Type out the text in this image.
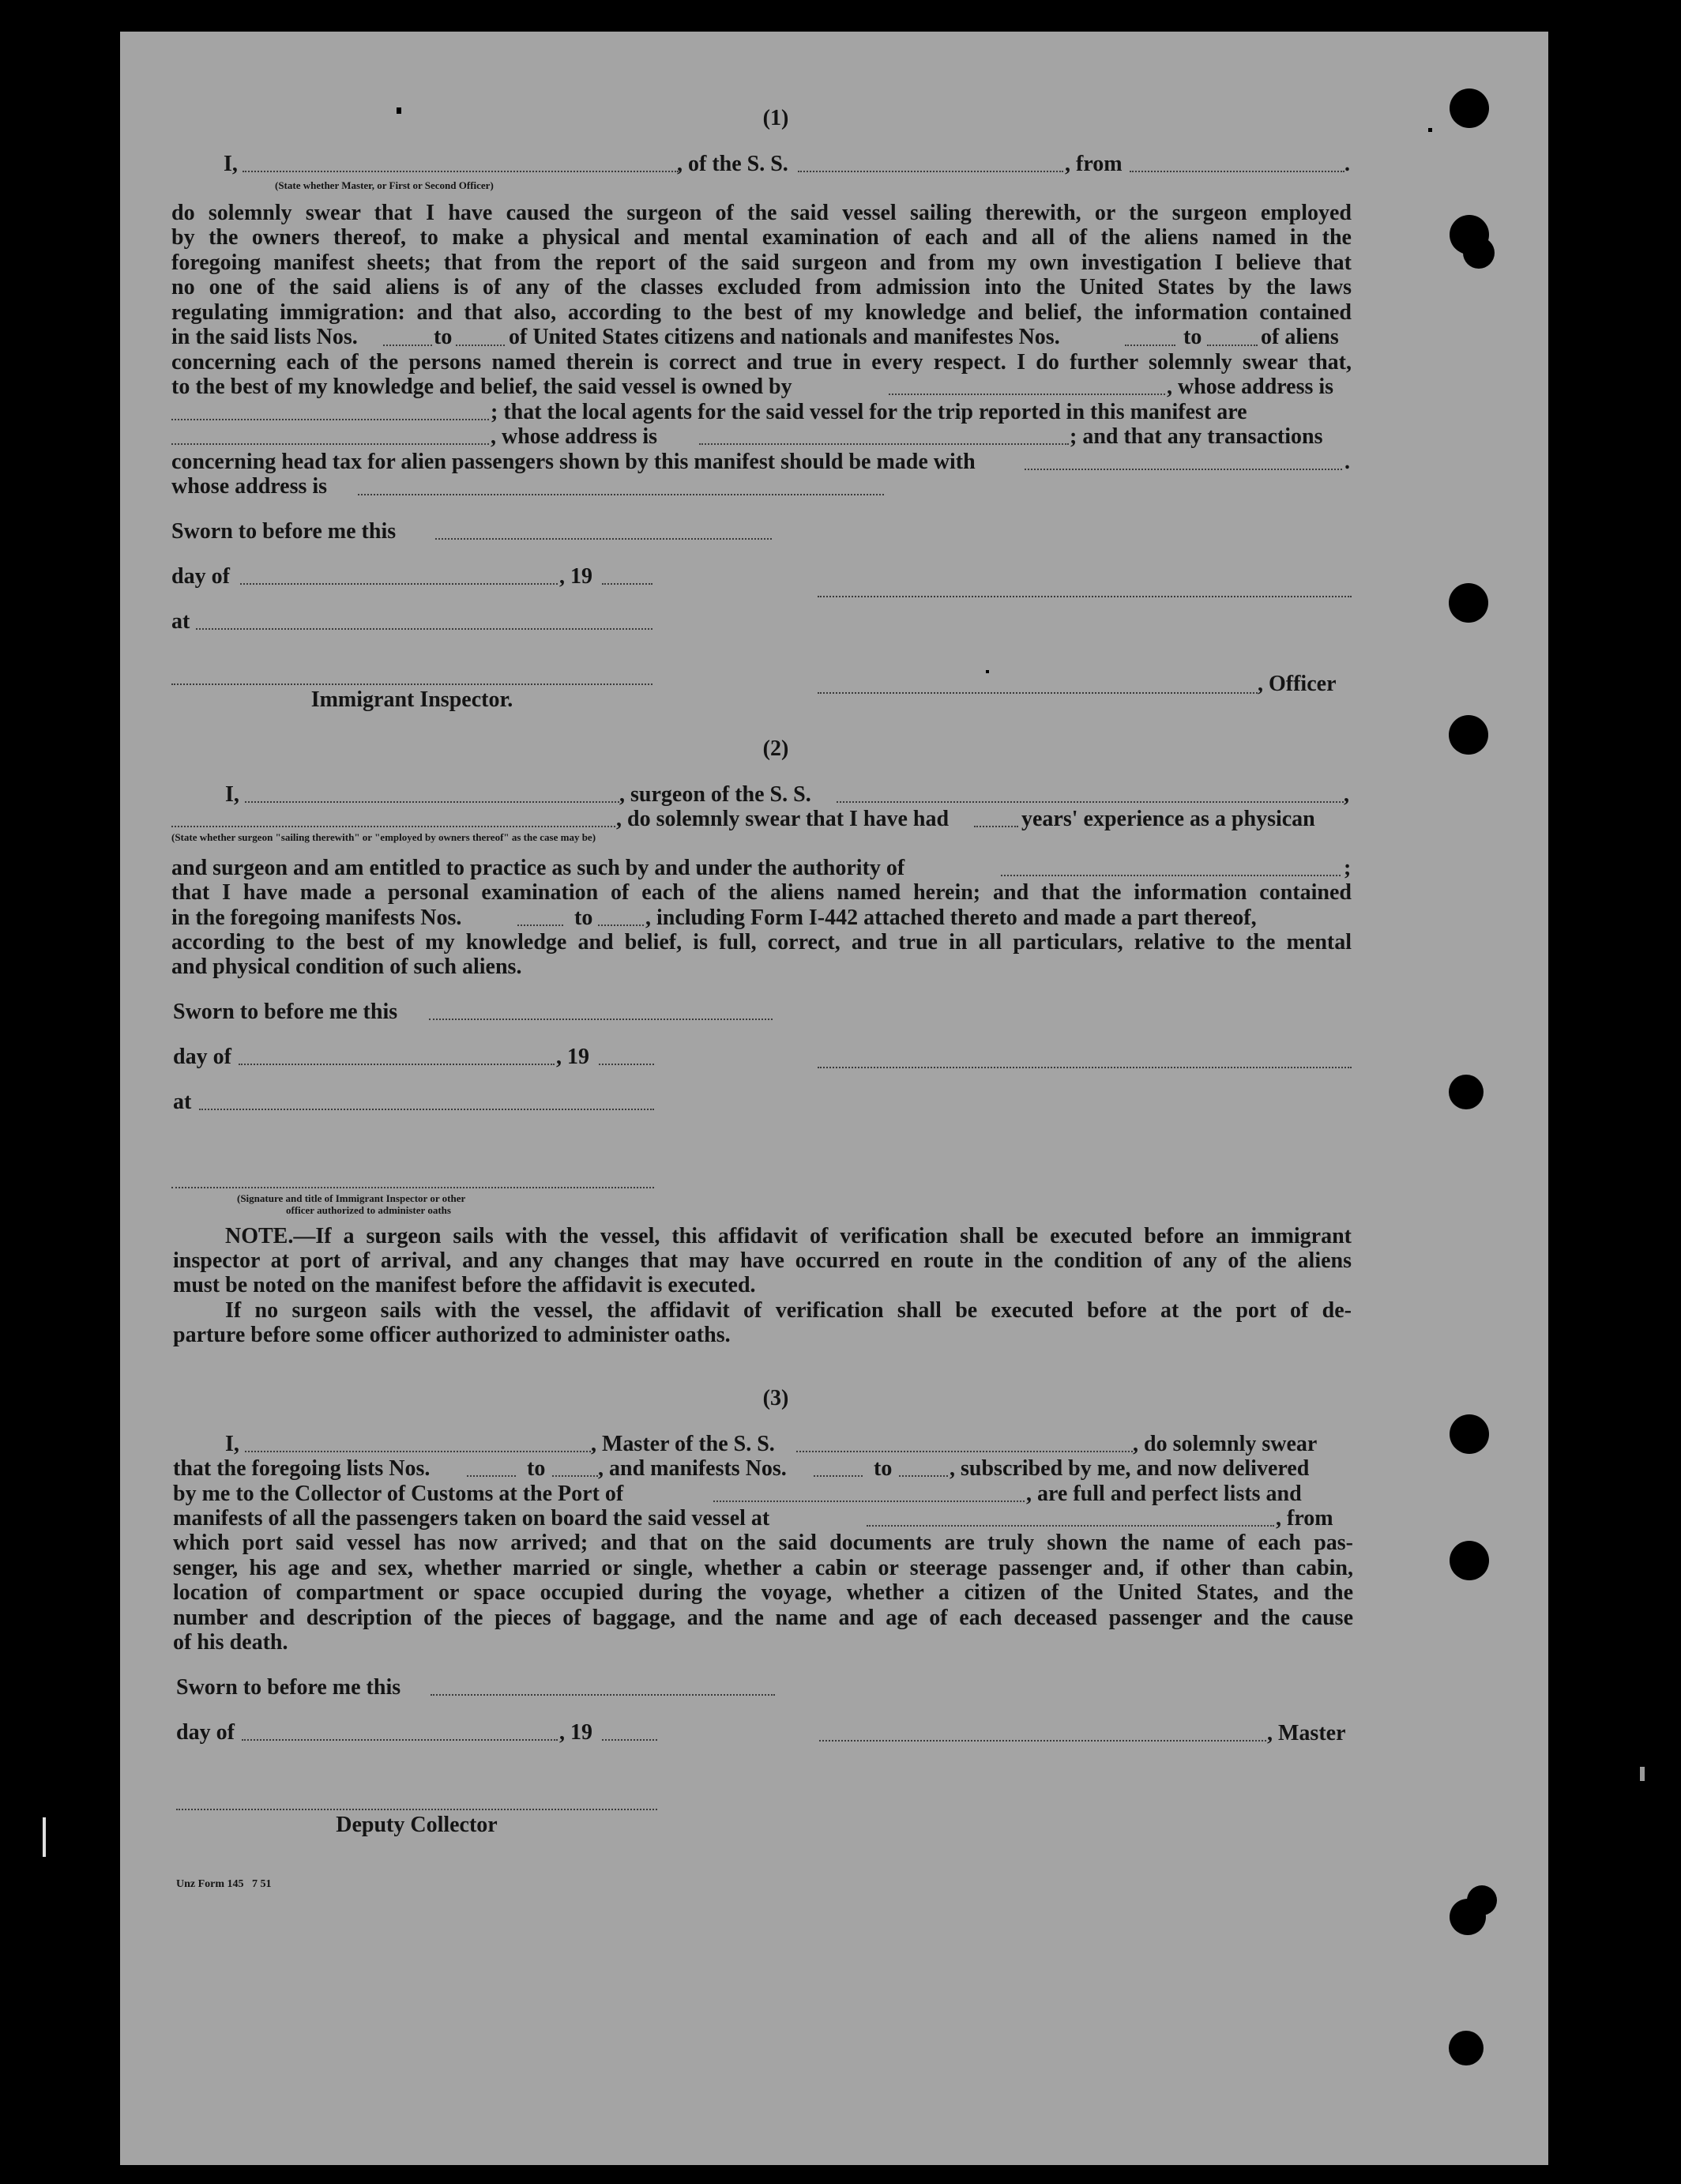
(1)
I,	, of the S. S.	, from	.
(State whether Master, or First or Second Officer)
do solemnly swear that I have caused the surgeon of the said vessel sailing therewith, or the surgeon employed
by the owners thereof, to make a physical and mental examination of each and all of the aliens named in the
foregoing manifest sheets; that from the report of the said surgeon and from my own investigation I believe that
no one of the said aliens is of any of the classes excluded from admission into the United States by the laws
regulating immigration: and that also, according to the best of my knowledge and belief, the information contained
in the said lists Nos.	to	of United States citizens and nationals and manifestes Nos.	to	of aliens
concerning each of the persons named therein is correct and true in every respect. I do further solemnly swear that,
to the best of my knowledge and belief, the said vessel is owned by	, whose address is
; that the local agents for the said vessel for the trip reported in this manifest are
, whose address is	; and that any transactions
concerning head tax for alien passengers shown by this manifest should be made with	.
whose address is
Sworn to before me this
day of	, 19
at
Immigrant Inspector.
, Officer
(2)
I,	, surgeon of the S. S.	,
, do solemnly swear that I have had	years' experience as a physican
(State whether surgeon "sailing therewith" or "employed by owners thereof" as the case may be)
and surgeon and am entitled to practice as such by and under the authority of	;
that I have made a personal examination of each of the aliens named herein; and that the information contained
in the foregoing manifests Nos.	to , including Form I-442 attached thereto and made a part thereof,
according to the best of my knowledge and belief, is full, correct, and true in all particulars, relative to the mental
and physical condition of such aliens.
Sworn to before me this
day of	, 19
at
(Signature and title of Immigrant Inspector or other
officer authorized to administer oaths
NOTE.—If a surgeon sails with the vessel, this affidavit of verification shall be executed before an immigrant
inspector at port of arrival, and any changes that may have occurred en route in the condition of any of the aliens
must be noted on the manifest before the affidavit is executed.
If no surgeon sails with the vessel, the affidavit of verification shall be executed before at the port of de-
parture before some officer authorized to administer oaths.
(3)
I,	, Master of the S. S.	, do solemnly swear
that the foregoing lists Nos.	to , and manifests Nos.	to	, subscribed by me, and now delivered
by me to the Collector of Customs at the Port of	, are full and perfect lists and
manifests of all the passengers taken on board the said vessel at	, from
which port said vessel has now arrived; and that on the said documents are truly shown the name of each pas-
senger, his age and sex, whether married or single, whether a cabin or steerage passenger and, if other than cabin,
location of compartment or space occupied during the voyage, whether a citizen of the United States, and the
number and description of the pieces of baggage, and the name and age of each deceased passenger and the cause
of his death.
Sworn to before me this
day of	, 19	, Master
Deputy Collector
Unz Form 145   7 51
